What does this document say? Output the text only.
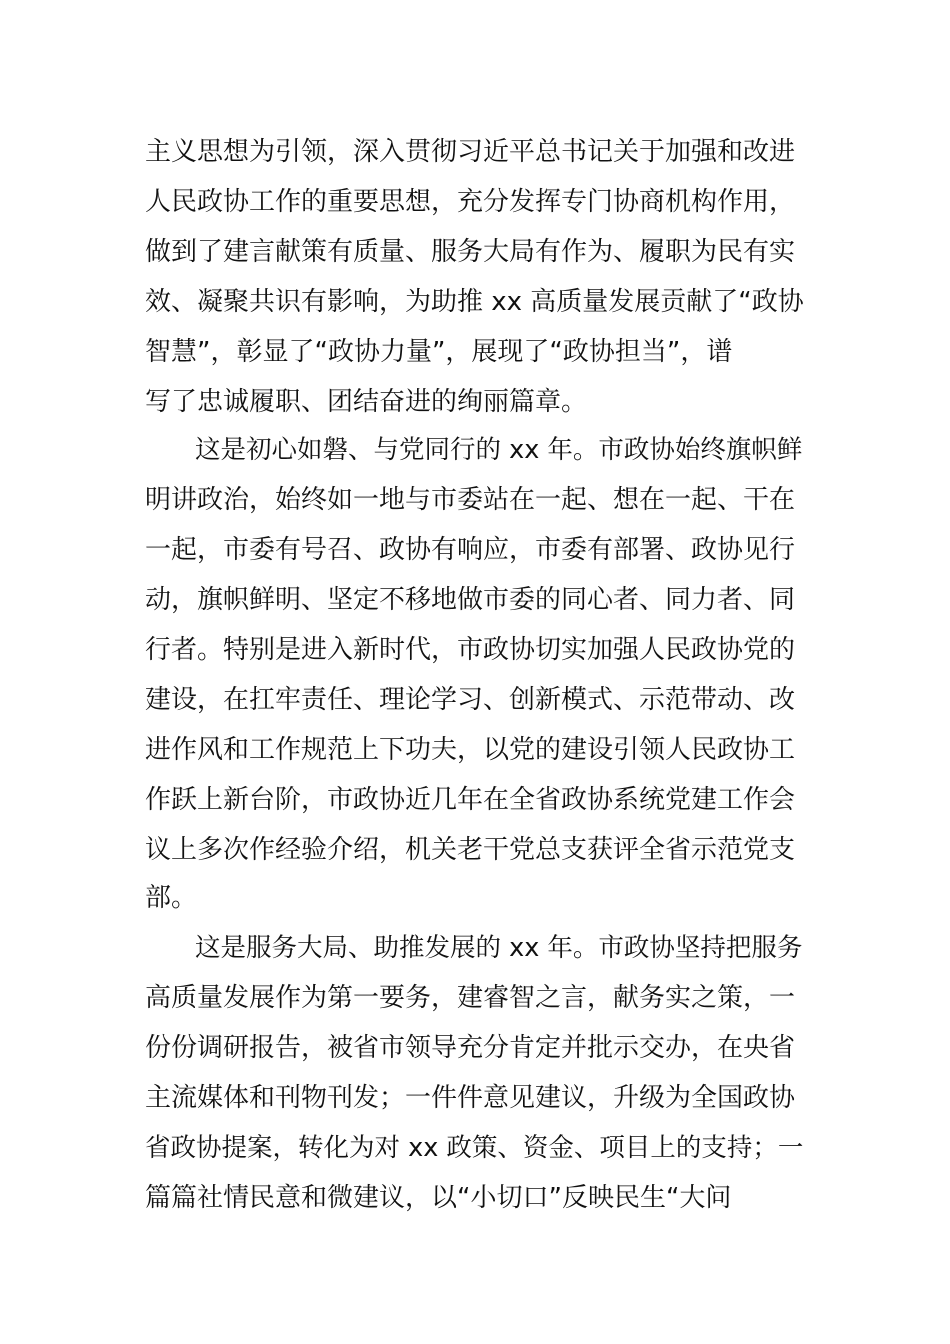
主义思想为引领，深入贯彻习近平总书记关于加强和改进
人民政协工作的重要思想，充分发挥专门协商机构作用，
做到了建言献策有质量、服务大局有作为、履职为民有实
效、凝聚共识有影响，为助推 xx 高质量发展贡献了“政协
智慧”，彰显了“政协力量”，展现了“政协担当”，谱
写了忠诚履职、团结奋进的绚丽篇章。
这是初心如磐、与党同行的 xx 年。市政协始终旗帜鲜
明讲政治，始终如一地与市委站在一起、想在一起、干在
一起，市委有号召、政协有响应，市委有部署、政协见行
动，旗帜鲜明、坚定不移地做市委的同心者、同力者、同
行者。特别是进入新时代，市政协切实加强人民政协党的
建设，在扛牢责任、理论学习、创新模式、示范带动、改
进作风和工作规范上下功夫，以党的建设引领人民政协工
作跃上新台阶，市政协近几年在全省政协系统党建工作会
议上多次作经验介绍，机关老干党总支获评全省示范党支
部。
这是服务大局、助推发展的 xx 年。市政协坚持把服务
高质量发展作为第一要务，建睿智之言，献务实之策，一
份份调研报告，被省市领导充分肯定并批示交办，在央省
主流媒体和刊物刊发；一件件意见建议，升级为全国政协
省政协提案，转化为对 xx 政策、资金、项目上的支持；一
篇篇社情民意和微建议，以“小切口”反映民生“大问
